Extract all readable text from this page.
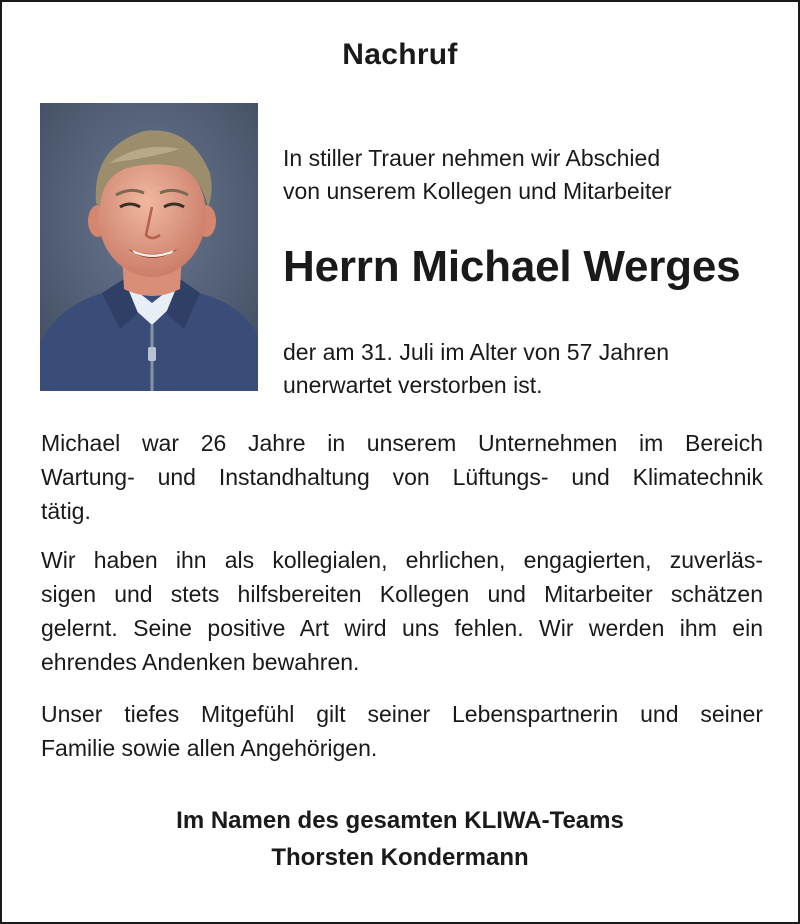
Nachruf
In stiller Trauer nehmen wir Abschied
von unserem Kollegen und Mitarbeiter
Herrn Michael Werges
der am 31. Juli im Alter von 57 Jahren
unerwartet verstorben ist.
Michael war 26 Jahre in unserem Unternehmen im Bereich
Wartung- und Instandhaltung von Lüftungs- und Klimatechnik
tätig.
Wir haben ihn als kollegialen, ehrlichen, engagierten, zuverläs-
sigen und stets hilfsbereiten Kollegen und Mitarbeiter schätzen
gelernt. Seine positive Art wird uns fehlen. Wir werden ihm ein
ehrendes Andenken bewahren.
Unser tiefes Mitgefühl gilt seiner Lebenspartnerin und seiner
Familie sowie allen Angehörigen.
Im Namen des gesamten KLIWA-Teams
Thorsten Kondermann
